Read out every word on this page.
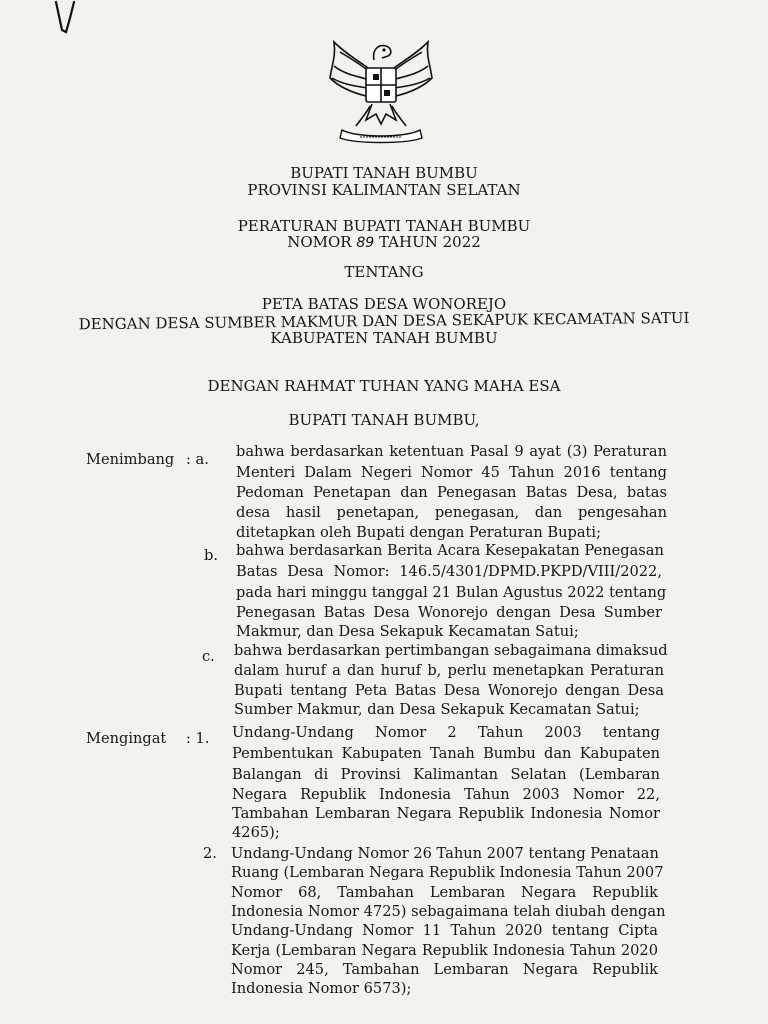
BUPATI TANAH BUMBU
PROVINSI KALIMANTAN SELATAN
PERATURAN BUPATI TANAH BUMBU
NOMOR 89 TAHUN 2022
TENTANG
PETA BATAS DESA WONOREJO
DENGAN DESA SUMBER MAKMUR DAN DESA SEKAPUK KECAMATAN SATUI
KABUPATEN TANAH BUMBU
DENGAN RAHMAT TUHAN YANG MAHA ESA
BUPATI TANAH BUMBU,
Menimbang : a. bahwa berdasarkan ketentuan Pasal 9 ayat (3) Peraturan
Menteri Dalam Negeri Nomor 45 Tahun 2016 tentang
Pedoman Penetapan dan Penegasan Batas Desa, batas
desa hasil penetapan, penegasan, dan pengesahan
ditetapkan oleh Bupati dengan Peraturan Bupati;
b. bahwa berdasarkan Berita Acara Kesepakatan Penegasan
Batas Desa Nomor: 146.5/4301/DPMD.PKPD/VIII/2022,
pada hari minggu tanggal 21 Bulan Agustus 2022 tentang
Penegasan Batas Desa Wonorejo dengan Desa Sumber
Makmur, dan Desa Sekapuk Kecamatan Satui;
c. bahwa berdasarkan pertimbangan sebagaimana dimaksud
dalam huruf a dan huruf b, perlu menetapkan Peraturan
Bupati tentang Peta Batas Desa Wonorejo dengan Desa
Sumber Makmur, dan Desa Sekapuk Kecamatan Satui;
Mengingat : 1. Undang-Undang Nomor 2 Tahun 2003 tentang
Pembentukan Kabupaten Tanah Bumbu dan Kabupaten
Balangan di Provinsi Kalimantan Selatan (Lembaran
Negara Republik Indonesia Tahun 2003 Nomor 22,
Tambahan Lembaran Negara Republik Indonesia Nomor
4265);
2. Undang-Undang Nomor 26 Tahun 2007 tentang Penataan
Ruang (Lembaran Negara Republik Indonesia Tahun 2007
Nomor 68, Tambahan Lembaran Negara Republik
Indonesia Nomor 4725) sebagaimana telah diubah dengan
Undang-Undang Nomor 11 Tahun 2020 tentang Cipta
Kerja (Lembaran Negara Republik Indonesia Tahun 2020
Nomor 245, Tambahan Lembaran Negara Republik
Indonesia Nomor 6573);
